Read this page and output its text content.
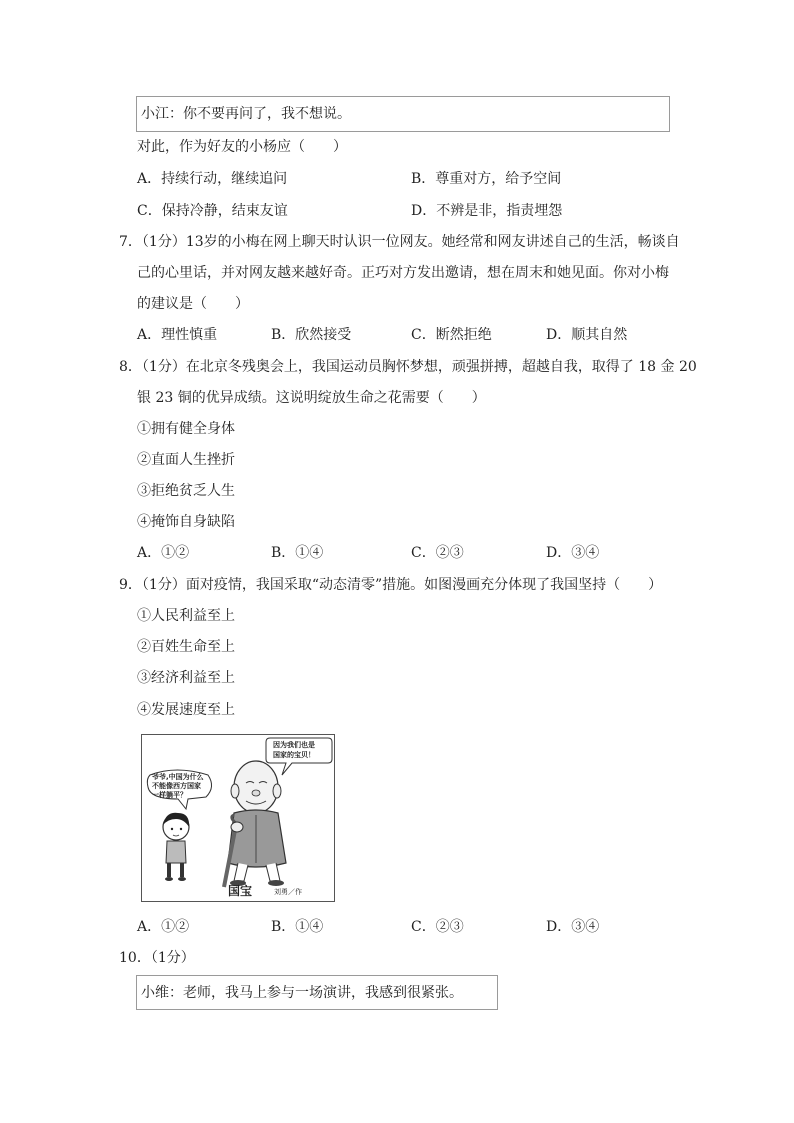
小江：你不要再问了，我不想说。
对此，作为好友的小杨应（　　）
A．持续行动，继续追问	B．尊重对方，给予空间
C．保持冷静，结束友谊	D．不辨是非，指责埋怨
7．（1分）13岁的小梅在网上聊天时认识一位网友。她经常和网友讲述自己的生活，畅谈自
己的心里话，并对网友越来越好奇。正巧对方发出邀请，想在周末和她见面。你对小梅
的建议是（　　）
A．理性慎重	B．欣然接受	C．断然拒绝	D．顺其自然
8．（1分）在北京冬残奥会上，我国运动员胸怀梦想，顽强拼搏，超越自我，取得了 18 金 20
银 23 铜的优异成绩。这说明绽放生命之花需要（　　）
①拥有健全身体
②直面人生挫折
③拒绝贫乏人生
④掩饰自身缺陷
A．①②	B．①④	C．②③	D．③④
9．（1分）面对疫情，我国采取“动态清零”措施。如图漫画充分体现了我国坚持（　　）
①人民利益至上
②百姓生命至上
③经济利益至上
④发展速度至上
因为我们也是
国家的宝贝！
爷爷,中国为什么
不能像西方国家
一样躺平？
国宝	刘勇／作
A．①②	B．①④	C．②③	D．③④
10．（1分）
小维：老师，我马上参与一场演讲，我感到很紧张。
